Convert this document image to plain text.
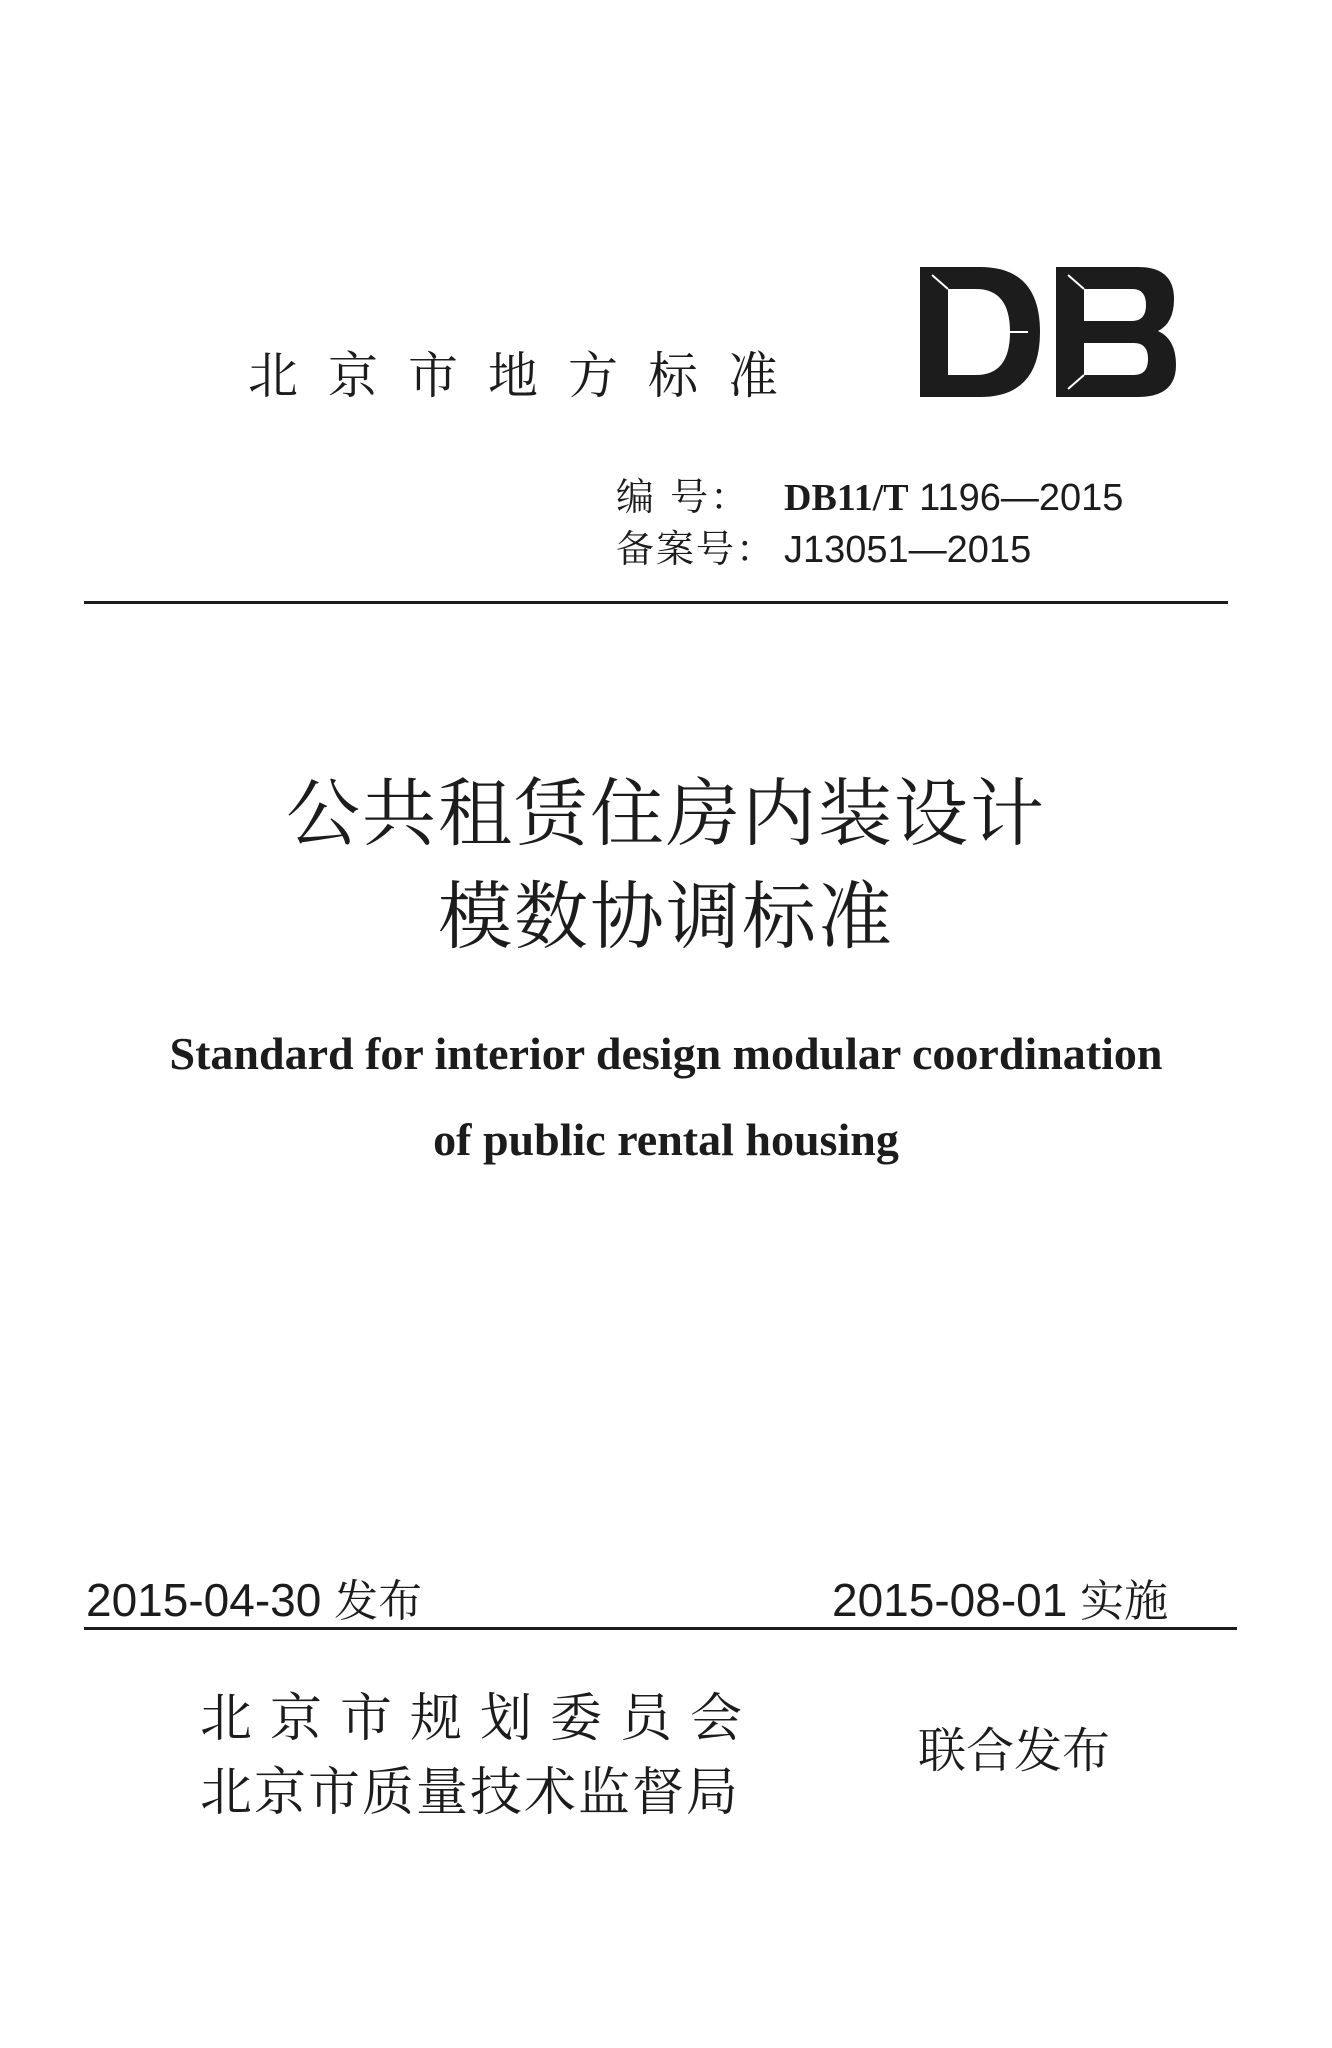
北京市地方标准

编 号： DB11/T 1196—2015

备案号： J13051—2015

公共租赁住房内装设计

模数协调标准

Standard for interior design modular coordination

of public rental housing

2015-04-30 发布	2015-08-01 实施

北京市规划委员会

北京市质量技术监督局

联合发布
